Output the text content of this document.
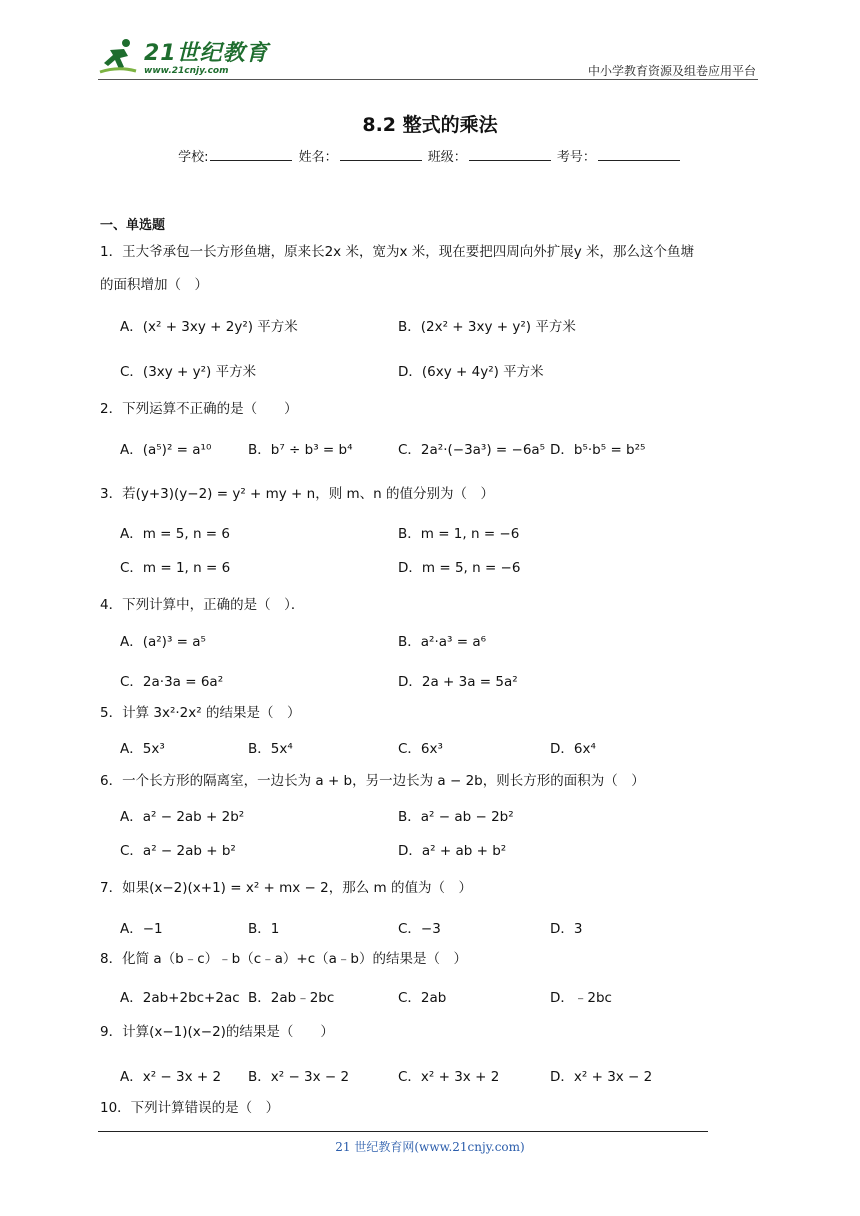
21世纪教育
www.21cnjy.com	中小学教育资源及组卷应用平台
8.2 整式的乘法
学校:	姓名：	班级：	考号：
一、单选题
1．王大爷承包一长方形鱼塘，原来长2x 米，宽为x 米，现在要把四周向外扩展y 米，那么这个鱼塘
的面积增加（　）
A．(x² + 3xy + 2y²) 平方米	B．(2x² + 3xy + y²) 平方米
C．(3xy + y²) 平方米	D．(6xy + 4y²) 平方米
2．下列运算不正确的是（　　）
A．(a⁵)² = a¹⁰	B．b⁷ ÷ b³ = b⁴	C．2a²·(−3a³) = −6a⁵ D．b⁵·b⁵ = b²⁵
3．若(y+3)(y−2) = y² + my + n，则 m、n 的值分别为（　）
A．m = 5, n = 6	B．m = 1, n = −6
C．m = 1, n = 6	D．m = 5, n = −6
4．下列计算中，正确的是（　）．
A．(a²)³ = a⁵	B．a²·a³ = a⁶
C．2a·3a = 6a²	D．2a + 3a = 5a²
5．计算 3x²·2x² 的结果是（　）
A．5x³	B．5x⁴	C．6x³	D．6x⁴
6．一个长方形的隔离室，一边长为 a + b，另一边长为 a − 2b，则长方形的面积为（　）
A．a² − 2ab + 2b²	B．a² − ab − 2b²
C．a² − 2ab + b²	D．a² + ab + b²
7．如果(x−2)(x+1) = x² + mx − 2，那么 m 的值为（　）
A．−1	B．1	C．−3	D．3
8．化简 a（b﹣c）﹣b（c﹣a）+c（a﹣b）的结果是（　）
A．2ab+2bc+2ac B．2ab﹣2bc	C．2ab	D．﹣2bc
9．计算(x−1)(x−2)的结果是（　　）
A．x² − 3x + 2 B．x² − 3x − 2	C．x² + 3x + 2	D．x² + 3x − 2
10．下列计算错误的是（　）
21 世纪教育网(www.21cnjy.com)
